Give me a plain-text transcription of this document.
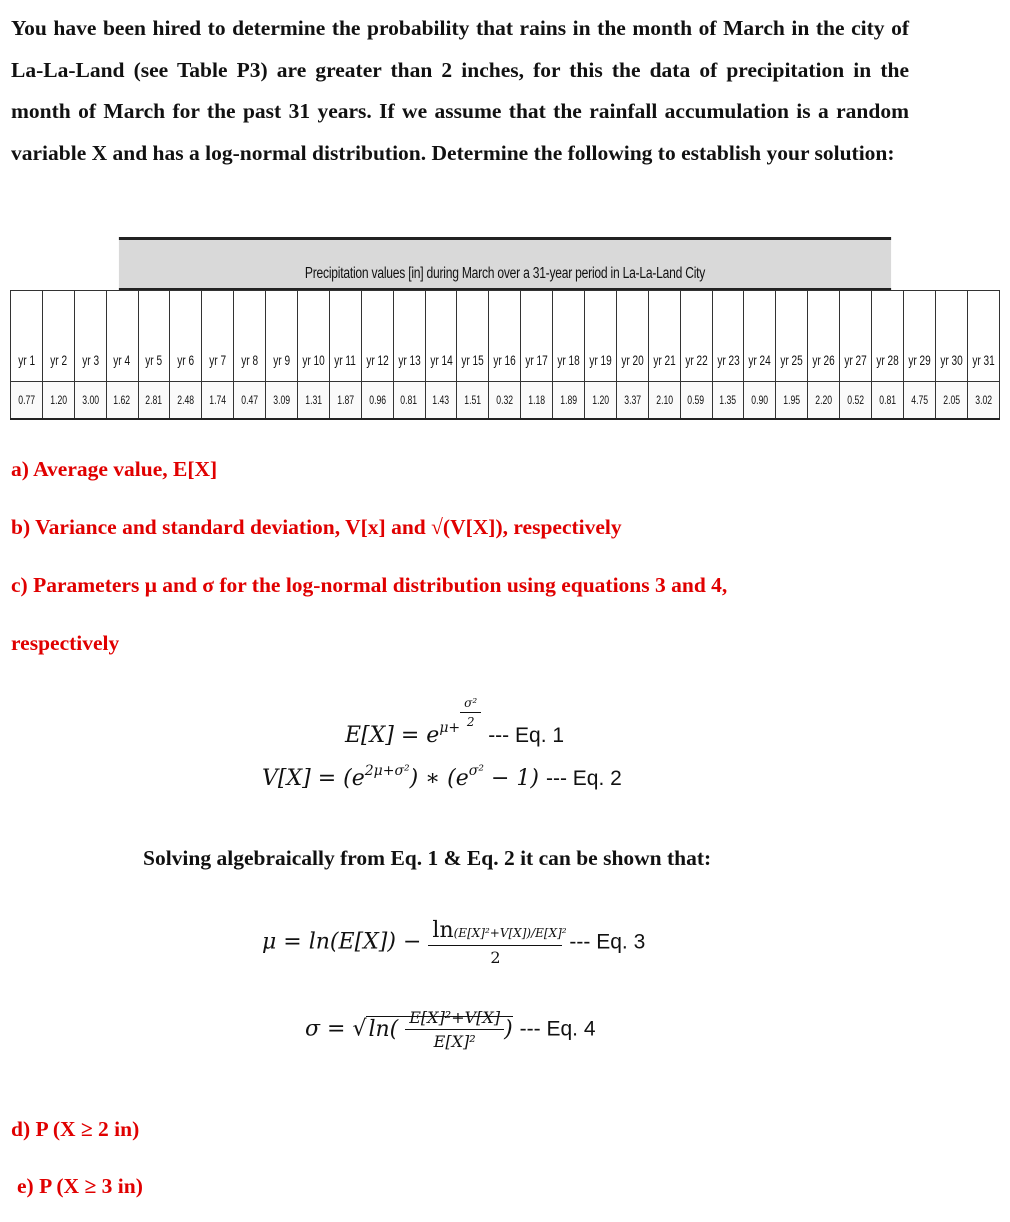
You have been hired to determine the probability that rains in the month of March in the city of La-La-Land (see Table P3) are greater than 2 inches, for this the data of precipitation in the month of March for the past 31 years. If we assume that the rainfall accumulation is a random variable X and has a log-normal distribution. Determine the following to establish your solution:
Precipitation values [in] during March over a 31-year period in La-La-Land City
yr 1	yr 2	yr 3	yr 4	yr 5	yr 6	yr 7	yr 8	yr 9	yr 10	yr 11	yr 12	yr 13	yr 14	yr 15	yr 16	yr 17	yr 18	yr 19	yr 20	yr 21	yr 22	yr 23	yr 24	yr 25	yr 26	yr 27	yr 28	yr 29	yr 30	yr 31
0.77	1.20	3.00	1.62	2.81	2.48	1.74	0.47	3.09	1.31	1.87	0.96	0.81	1.43	1.51	0.32	1.18	1.89	1.20	3.37	2.10	0.59	1.35	0.90	1.95	2.20	0.52	0.81	4.75	2.05	3.02
a) Average value, E[X]
b) Variance and standard deviation, V[x] and √(V[X]), respectively
c) Parameters μ and σ for the log-normal distribution using equations 3 and 4,
respectively
$E[X] = e^{\mu+ \frac{\text{σ²}}{2}}$
--- Eq. 1
$V[X] = (e^{2\mu+\sigma^2})$ ∗ $(e^{\sigma^2} - 1)$ --- Eq. 2
Solving algebraically from Eq. 1 & Eq. 2 it can be shown that:
$\mu = \ln(E[X]) - \frac{\text{ln(E[X]²+V[X])/E[X]²}}{2}$ --- Eq. 3
$\sigma = √\ln( \frac{\text{E[X]²+V[X]}}{\text{E[X]²}}$ ) --- Eq. 4
d) P (X ≥ 2 in)
e) P (X ≥ 3 in)
